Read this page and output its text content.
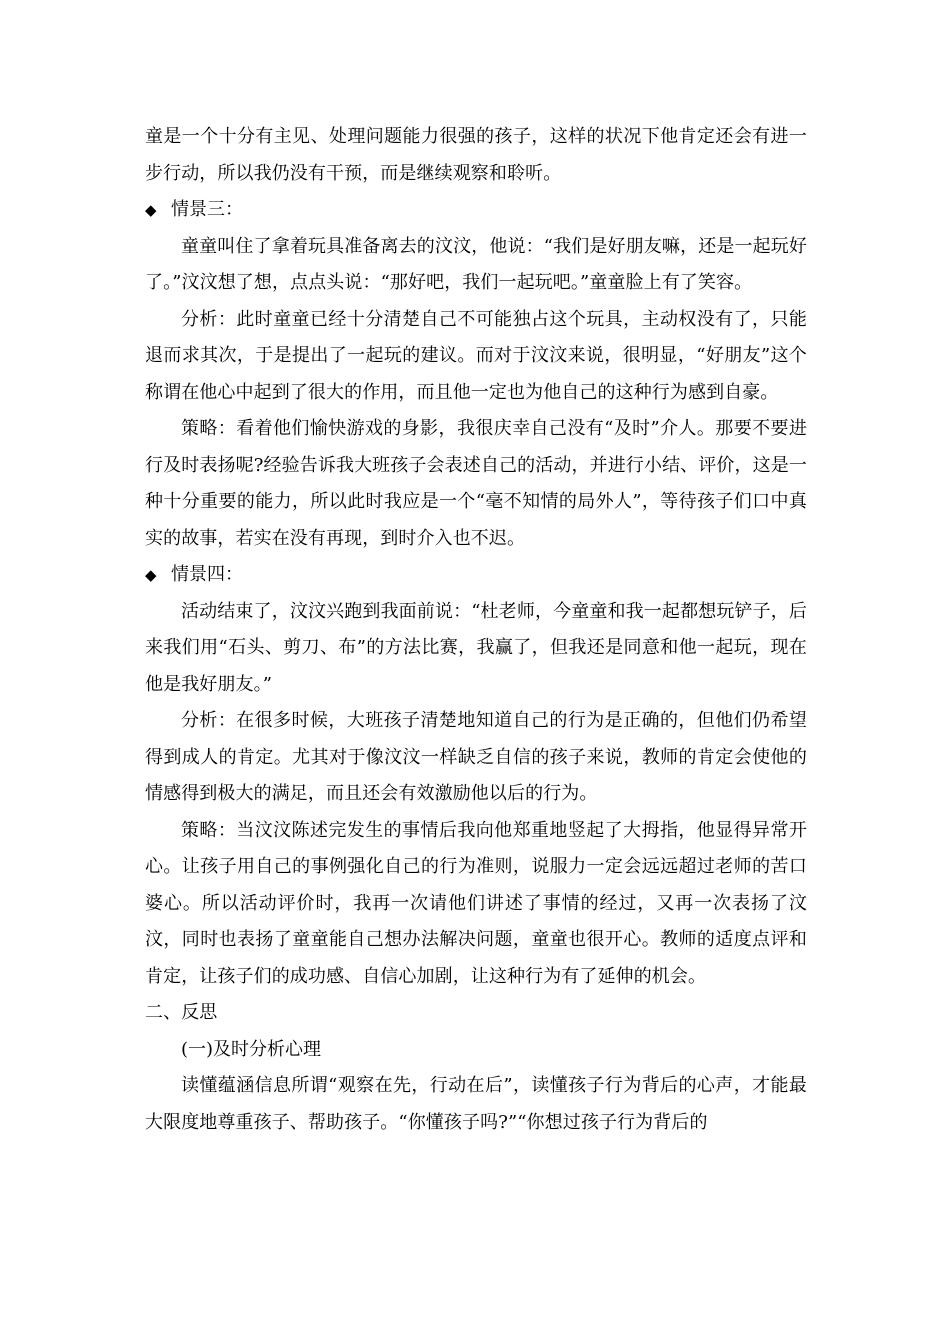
童是一个十分有主见、处理问题能力很强的孩子，这样的状况下他肯定还会有进一步行动，所以我仍没有干预，而是继续观察和聆听。

◆ 情景三：

童童叫住了拿着玩具准备离去的汶汶，他说：“我们是好朋友嘛，还是一起玩好了。”汶汶想了想，点点头说：“那好吧，我们一起玩吧。”童童脸上有了笑容。

分析：此时童童已经十分清楚自己不可能独占这个玩具，主动权没有了，只能退而求其次，于是提出了一起玩的建议。而对于汶汶来说，很明显，“好朋友”这个称谓在他心中起到了很大的作用，而且他一定也为他自己的这种行为感到自豪。

策略：看着他们愉快游戏的身影，我很庆幸自己没有“及时”介人。那要不要进行及时表扬呢?经验告诉我大班孩子会表述自己的活动，并进行小结、评价，这是一种十分重要的能力，所以此时我应是一个“毫不知情的局外人”，等待孩子们口中真实的故事，若实在没有再现，到时介入也不迟。

◆ 情景四：

活动结束了，汶汶兴跑到我面前说：“杜老师，今童童和我一起都想玩铲子，后来我们用“石头、剪刀、布”的方法比赛，我赢了，但我还是同意和他一起玩，现在他是我好朋友。”

分析：在很多时候，大班孩子清楚地知道自己的行为是正确的，但他们仍希望得到成人的肯定。尤其对于像汶汶一样缺乏自信的孩子来说，教师的肯定会使他的情感得到极大的满足，而且还会有效激励他以后的行为。

策略：当汶汶陈述完发生的事情后我向他郑重地竖起了大拇指，他显得异常开心。让孩子用自己的事例强化自己的行为准则，说服力一定会远远超过老师的苦口婆心。所以活动评价时，我再一次请他们讲述了事情的经过，又再一次表扬了汶汶，同时也表扬了童童能自己想办法解决问题，童童也很开心。教师的适度点评和肯定，让孩子们的成功感、自信心加剧，让这种行为有了延伸的机会。

二、反思

(一)及时分析心理

读懂蕴涵信息所谓“观察在先，行动在后”，读懂孩子行为背后的心声，才能最大限度地尊重孩子、帮助孩子。“你懂孩子吗?”“你想过孩子行为背后的
